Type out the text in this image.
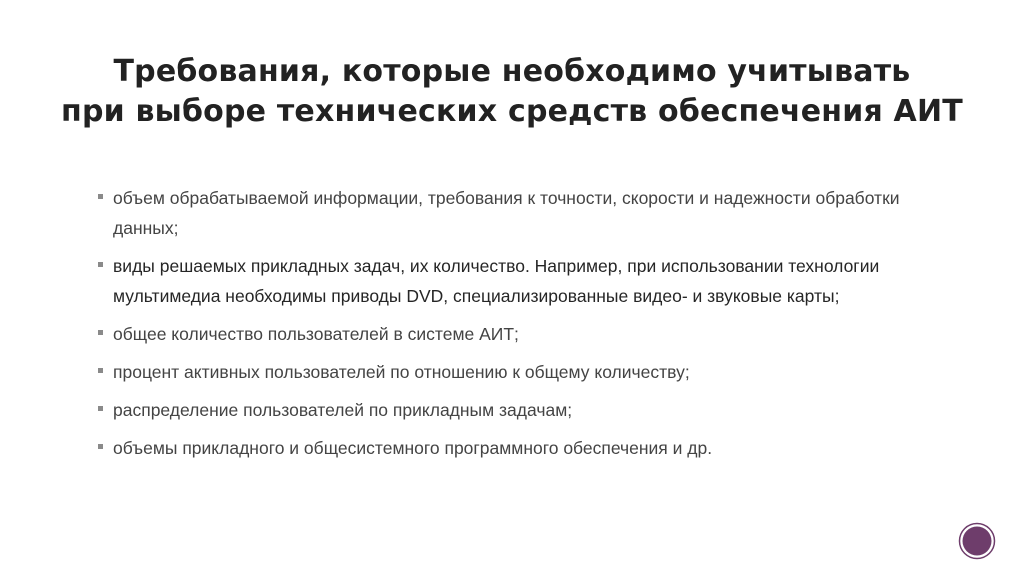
Требования, которые необходимо учитывать
при выборе технических средств обеспечения АИТ
объем обрабатываемой информации, требования к точности, скорости и надежности обработки данных;
виды решаемых прикладных задач, их количество. Например, при использовании технологии мультимедиа необходимы приводы DVD, специализированные видео- и звуковые карты;
общее количество пользователей в системе АИТ;
процент активных пользователей по отношению к общему количеству;
распределение пользователей по прикладным задачам;
объемы прикладного и общесистемного программного обеспечения и др.
